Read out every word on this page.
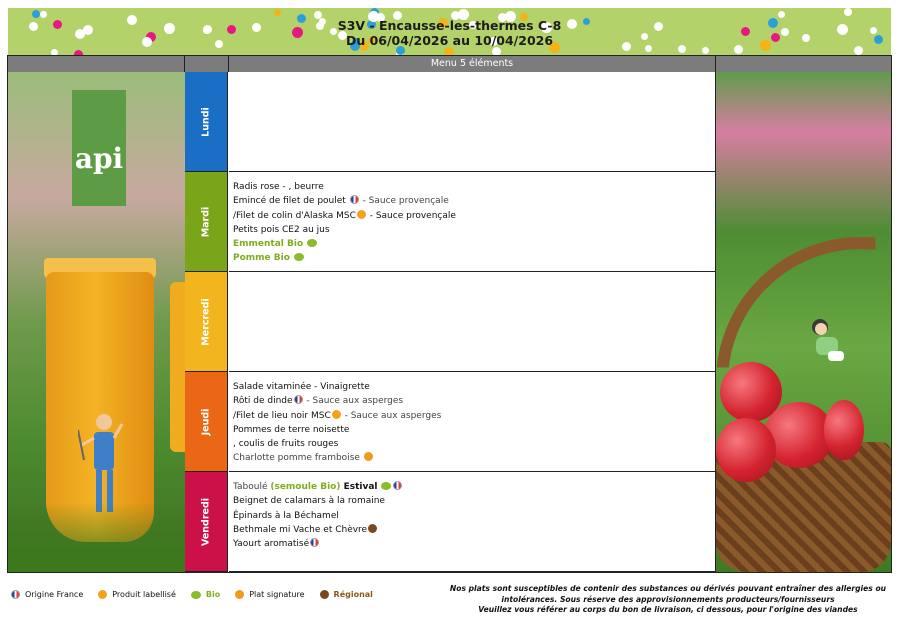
S3V - Encausse-les-thermes C-8
Du 06/04/2026 au 10/04/2026
Menu 5 éléments
api
Lundi
Mardi
Radis rose - , beurre
Emincé de filet de poulet  - Sauce provençale
/Filet de colin d'Alaska MSC - Sauce provençale
Petits pois CE2 au jus
Emmental Bio
Pomme Bio
Mercredi
Jeudi
Salade vitaminée - Vinaigrette
Rôti de dinde - Sauce aux asperges
/Filet de lieu noir MSC - Sauce aux asperges
Pommes de terre noisette
, coulis de fruits rouges
Charlotte pomme framboise
Vendredi
Taboulé (semoule Bio) Estival
Beignet de calamars à la romaine
Épinards à la Béchamel
Bethmale mi Vache et Chèvre
Yaourt aromatisé
Origine France	Produit labellisé	Bio	Plat signature	Régional
Nos plats sont susceptibles de contenir des substances ou dérivés pouvant entraîner des allergies ou
intolérances. Sous réserve des approvisionnements producteurs/fournisseurs
Veuillez vous référer au corps du bon de livraison, ci dessous, pour l'origine des viandes
